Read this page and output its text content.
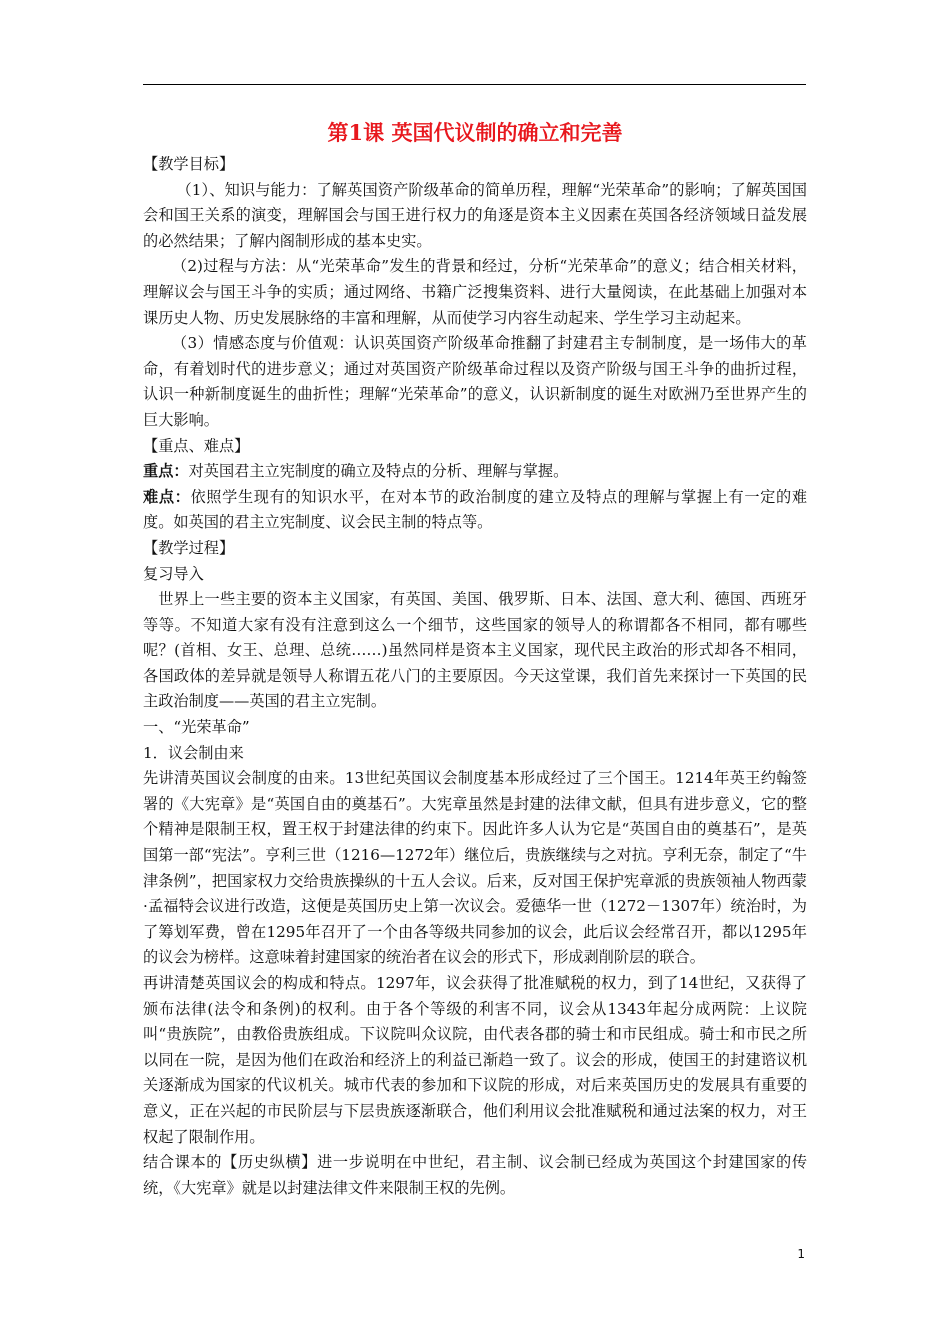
第1课 英国代议制的确立和完善

【教学目标】

（1）、知识与能力：了解英国资产阶级革命的简单历程，理解“光荣革命”的影响；了解英国国会和国王关系的演变，理解国会与国王进行权力的角逐是资本主义因素在英国各经济领域日益发展的必然结果；了解内阁制形成的基本史实。

（2)过程与方法：从“光荣革命”发生的背景和经过，分析“光荣革命”的意义；结合相关材料，理解议会与国王斗争的实质；通过网络、书籍广泛搜集资料、进行大量阅读，在此基础上加强对本课历史人物、历史发展脉络的丰富和理解，从而使学习内容生动起来、学生学习主动起来。

（3）情感态度与价值观：认识英国资产阶级革命推翻了封建君主专制制度，是一场伟大的革命，有着划时代的进步意义；通过对英国资产阶级革命过程以及资产阶级与国王斗争的曲折过程，认识一种新制度诞生的曲折性；理解“光荣革命”的意义，认识新制度的诞生对欧洲乃至世界产生的巨大影响。

【重点、难点】

重点：对英国君主立宪制度的确立及特点的分析、理解与掌握。

难点：依照学生现有的知识水平，在对本节的政治制度的建立及特点的理解与掌握上有一定的难度。如英国的君主立宪制度、议会民主制的特点等。

【教学过程】

复习导入

世界上一些主要的资本主义国家，有英国、美国、俄罗斯、日本、法国、意大利、德国、西班牙等等。不知道大家有没有注意到这么一个细节，这些国家的领导人的称谓都各不相同，都有哪些呢？(首相、女王、总理、总统……)虽然同样是资本主义国家，现代民主政治的形式却各不相同，各国政体的差异就是领导人称谓五花八门的主要原因。今天这堂课，我们首先来探讨一下英国的民主政治制度——英国的君主立宪制。

一、“光荣革命”

1．议会制由来

先讲清英国议会制度的由来。13世纪英国议会制度基本形成经过了三个国王。1214年英王约翰签署的《大宪章》是“英国自由的奠基石”。大宪章虽然是封建的法律文献，但具有进步意义，它的整个精神是限制王权，置王权于封建法律的约束下。因此许多人认为它是“英国自由的奠基石”，是英国第一部“宪法”。亨利三世（1216—1272年）继位后，贵族继续与之对抗。亨利无奈，制定了“牛津条例”，把国家权力交给贵族操纵的十五人会议。后来，反对国王保护宪章派的贵族领袖人物西蒙·孟福特会议进行改造，这便是英国历史上第一次议会。爱德华一世（1272－1307年）统治时，为了筹划军费，曾在1295年召开了一个由各等级共同参加的议会，此后议会经常召开，都以1295年的议会为榜样。这意味着封建国家的统治者在议会的形式下，形成剥削阶层的联合。

再讲清楚英国议会的构成和特点。1297年，议会获得了批准赋税的权力，到了14世纪，又获得了颁布法律(法令和条例)的权利。由于各个等级的利害不同，议会从1343年起分成两院：上议院叫“贵族院”，由教俗贵族组成。下议院叫众议院，由代表各郡的骑士和市民组成。骑士和市民之所以同在一院，是因为他们在政治和经济上的利益已渐趋一致了。议会的形成，使国王的封建谘议机关逐渐成为国家的代议机关。城市代表的参加和下议院的形成，对后来英国历史的发展具有重要的意义，正在兴起的市民阶层与下层贵族逐渐联合，他们利用议会批准赋税和通过法案的权力，对王权起了限制作用。

结合课本的【历史纵横】进一步说明在中世纪，君主制、议会制已经成为英国这个封建国家的传统，《大宪章》就是以封建法律文件来限制王权的先例。

1
